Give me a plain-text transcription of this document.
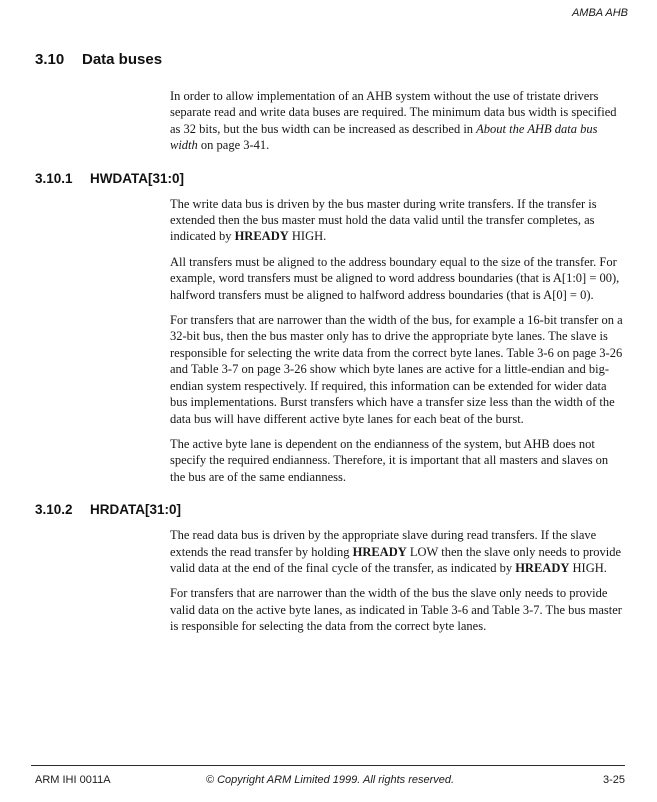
AMBA AHB
3.10	Data buses

In order to allow implementation of an AHB system without the use of tristate drivers separate read and write data buses are required. The minimum data bus width is specified as 32 bits, but the bus width can be increased as described in About the AHB data bus width on page 3-41.

3.10.1	HWDATA[31:0]

The write data bus is driven by the bus master during write transfers. If the transfer is extended then the bus master must hold the data valid until the transfer completes, as indicated by HREADY HIGH.

All transfers must be aligned to the address boundary equal to the size of the transfer. For example, word transfers must be aligned to word address boundaries (that is A[1:0] = 00), halfword transfers must be aligned to halfword address boundaries (that is A[0] = 0).

For transfers that are narrower than the width of the bus, for example a 16-bit transfer on a 32-bit bus, then the bus master only has to drive the appropriate byte lanes. The slave is responsible for selecting the write data from the correct byte lanes. Table 3-6 on page 3-26 and Table 3-7 on page 3-26 show which byte lanes are active for a little-endian and big-endian system respectively. If required, this information can be extended for wider data bus implementations. Burst transfers which have a transfer size less than the width of the data bus will have different active byte lanes for each beat of the burst.

The active byte lane is dependent on the endianness of the system, but AHB does not specify the required endianness. Therefore, it is important that all masters and slaves on the bus are of the same endianness.

3.10.2	HRDATA[31:0]

The read data bus is driven by the appropriate slave during read transfers. If the slave extends the read transfer by holding HREADY LOW then the slave only needs to provide valid data at the end of the final cycle of the transfer, as indicated by HREADY HIGH.

For transfers that are narrower than the width of the bus the slave only needs to provide valid data on the active byte lanes, as indicated in Table 3-6 and Table 3-7. The bus master is responsible for selecting the data from the correct byte lanes.

ARM IHI 0011A	© Copyright ARM Limited 1999. All rights reserved.	3-25
